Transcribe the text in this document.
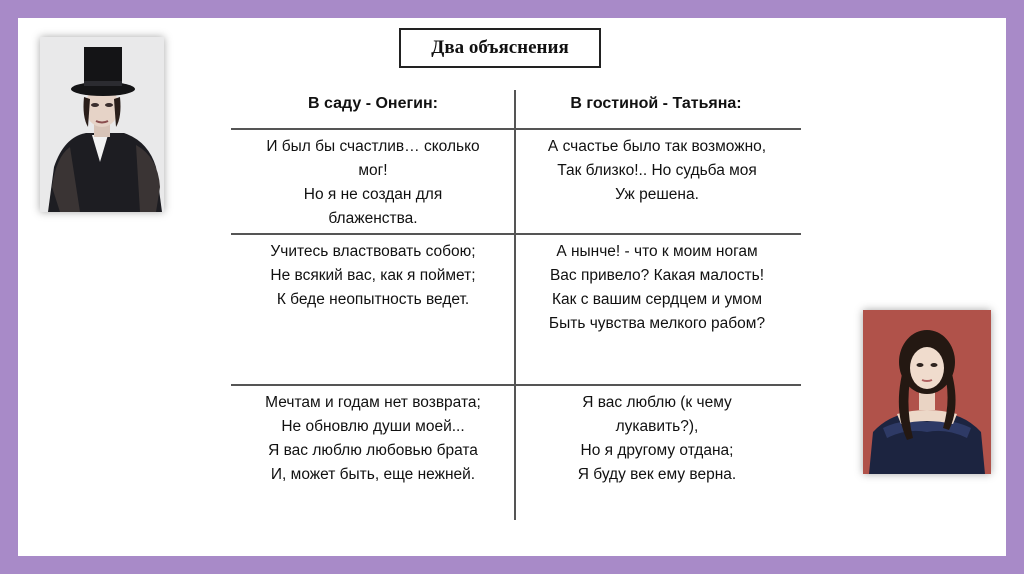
Два объяснения
В саду - Онегин:	В гостиной - Татьяна:
И был бы счастлив… сколько
мог!
Но я не создан для
блаженства.
А счастье было так возможно,
Так близко!.. Но судьба моя
Уж решена.
Учитесь властвовать собою;
Не всякий вас, как я поймет;
К беде неопытность ведет.
А нынче! - что к моим ногам
Вас привело? Какая малость!
Как с вашим сердцем и умом
Быть чувства мелкого рабом?
Мечтам и годам нет возврата;
Не обновлю души моей...
Я вас люблю любовью брата
И, может быть, еще нежней.
Я вас люблю (к чему
лукавить?),
Но я другому отдана;
Я буду век ему верна.
